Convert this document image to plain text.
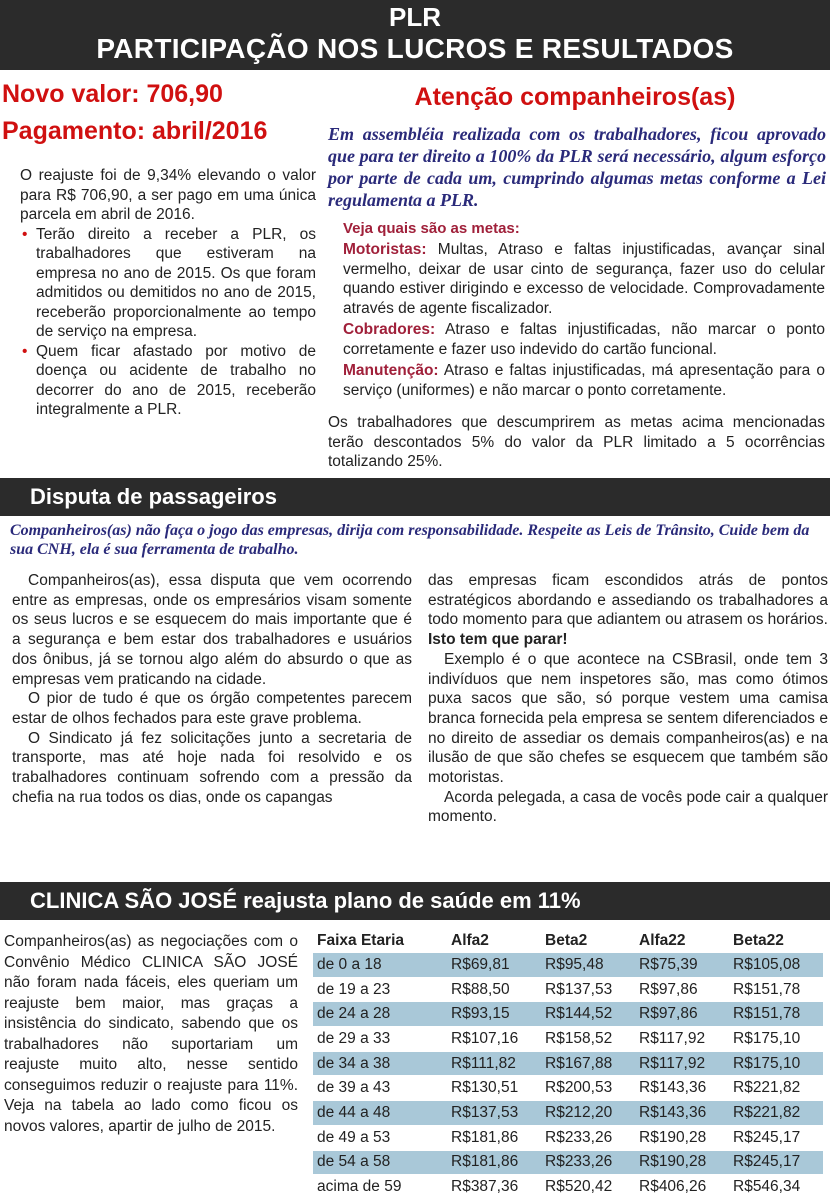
PLR
PARTICIPAÇÃO NOS LUCROS E RESULTADOS
Novo valor: 706,90
Pagamento: abril/2016

O reajuste foi de 9,34% elevando o valor para R$ 706,90, a ser pago em uma única parcela em abril de 2016.

• Terão direito a receber a PLR, os trabalhadores que estiveram na empresa no ano de 2015. Os que foram admitidos ou demitidos no ano de 2015, receberão proporcionalmente ao tempo de serviço na empresa.

• Quem ficar afastado por motivo de doença ou acidente de trabalho no decorrer do ano de 2015, receberão integralmente a PLR.

Atenção companheiros(as)
Em assembléia realizada com os trabalhadores, ficou aprovado que para ter direito a 100% da PLR será necessário, algum esforço por parte de cada um, cumprindo algumas metas conforme a Lei regulamenta a PLR.
Veja quais são as metas:

Motoristas: Multas, Atraso e faltas injustificadas, avançar sinal vermelho, deixar de usar cinto de segurança, fazer uso do celular quando estiver dirigindo e excesso de velocidade. Comprovadamente através de agente fiscalizador.

Cobradores: Atraso e faltas injustificadas, não marcar o ponto corretamente e fazer uso indevido do cartão funcional.

Manutenção: Atraso e faltas injustificadas, má apresentação para o serviço (uniformes) e não marcar o ponto corretamente.

Os trabalhadores que descumprirem as metas acima mencionadas terão descontados 5% do valor da PLR limitado a 5 ocorrências totalizando 25%.
Disputa de passageiros
Companheiros(as) não faça o jogo das empresas, dirija com responsabilidade. Respeite as Leis de Trânsito, Cuide bem da sua CNH, ela é sua ferramenta de trabalho.

Companheiros(as), essa disputa que vem ocorrendo entre as empresas, onde os empresários visam somente os seus lucros e se esquecem do mais importante que é a segurança e bem estar dos trabalhadores e usuários dos ônibus, já se tornou algo além do absurdo o que as empresas vem praticando na cidade.

O pior de tudo é que os órgão competentes parecem estar de olhos fechados para este grave problema.

O Sindicato já fez solicitações junto a secretaria de transporte, mas até hoje nada foi resolvido e os trabalhadores continuam sofrendo com a pressão da chefia na rua todos os dias, onde os capangas

das empresas ficam escondidos atrás de pontos estratégicos abordando e assediando os trabalhadores a todo momento para que adiantem ou atrasem os horários. Isto tem que parar!

Exemplo é o que acontece na CSBrasil, onde tem 3 indivíduos que nem inspetores são, mas como ótimos puxa sacos que são, só porque vestem uma camisa branca fornecida pela empresa se sentem diferenciados e no direito de assediar os demais companheiros(as) e na ilusão de que são chefes se esquecem que também são motoristas.

Acorda pelegada, a casa de vocês pode cair a qualquer momento.

CLINICA SÃO JOSÉ reajusta plano de saúde em 11%
Companheiros(as) as negociações com o Convênio Médico CLINICA SÃO JOSÉ não foram nada fáceis, eles queriam um reajuste bem maior, mas graças a insistência do sindicato, sabendo que os trabalhadores não suportariam um reajuste muito alto, nesse sentido conseguimos reduzir o reajuste para 11%. Veja na tabela ao lado como ficou os novos valores, apartir de julho de 2015.
Faixa Etaria	Alfa2	Beta2	Alfa22	Beta22
de 0 a 18	R$69,81	R$95,48	R$75,39	R$105,08
de 19 a 23	R$88,50	R$137,53	R$97,86	R$151,78
de 24 a 28	R$93,15	R$144,52	R$97,86	R$151,78
de 29 a 33	R$107,16	R$158,52	R$117,92	R$175,10
de 34 a 38	R$111,82	R$167,88	R$117,92	R$175,10
de 39 a 43	R$130,51	R$200,53	R$143,36	R$221,82
de 44 a 48	R$137,53	R$212,20	R$143,36	R$221,82
de 49 a 53	R$181,86	R$233,26	R$190,28	R$245,17
de 54 a 58	R$181,86	R$233,26	R$190,28	R$245,17
acima de 59	R$387,36	R$520,42	R$406,26	R$546,34
